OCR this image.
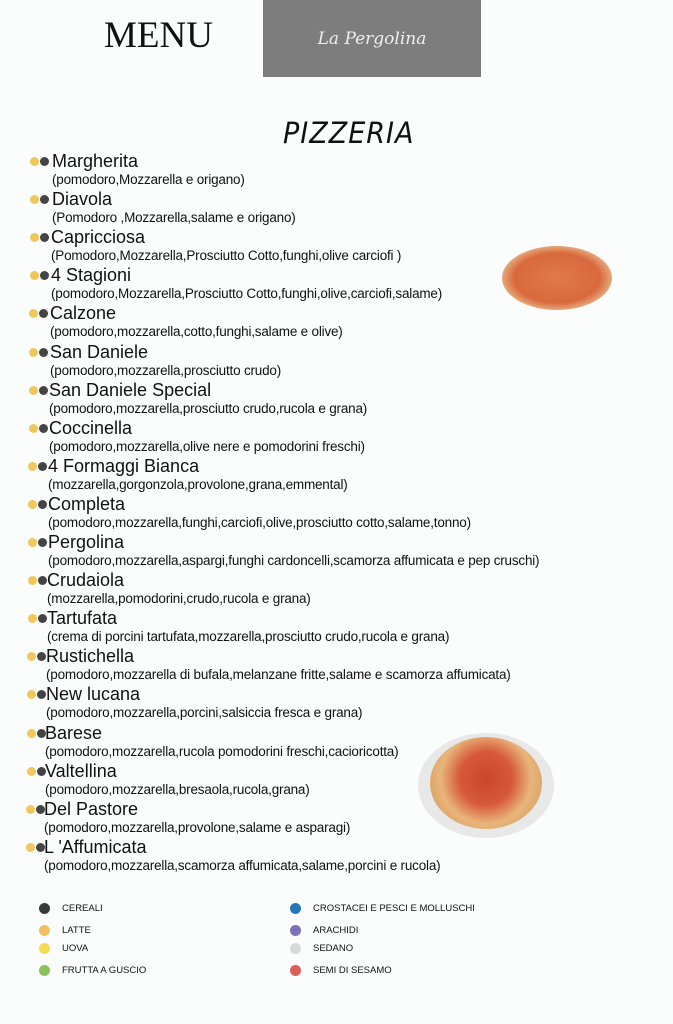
MENU	La Pergolina
PIZZERIA
Margherita
(pomodoro,Mozzarella e origano)
Diavola
(Pomodoro ,Mozzarella,salame e origano)
Capricciosa
(Pomodoro,Mozzarella,Prosciutto Cotto,funghi,olive carciofi )
4 Stagioni
(pomodoro,Mozzarella,Prosciutto Cotto,funghi,olive,carciofi,salame)
Calzone
(pomodoro,mozzarella,cotto,funghi,salame e olive)
San Daniele
(pomodoro,mozzarella,prosciutto crudo)
San Daniele Special
(pomodoro,mozzarella,prosciutto crudo,rucola e grana)
Coccinella
(pomodoro,mozzarella,olive nere e pomodorini freschi)
4 Formaggi Bianca
(mozzarella,gorgonzola,provolone,grana,emmental)
Completa
(pomodoro,mozzarella,funghi,carciofi,olive,prosciutto cotto,salame,tonno)
Pergolina
(pomodoro,mozzarella,aspargi,funghi cardoncelli,scamorza affumicata e pep cruschi)
Crudaiola
(mozzarella,pomodorini,crudo,rucola e grana)
Tartufata
(crema di porcini tartufata,mozzarella,prosciutto crudo,rucola e grana)
Rustichella
(pomodoro,mozzarella di bufala,melanzane fritte,salame e scamorza affumicata)
New lucana
(pomodoro,mozzarella,porcini,salsiccia fresca e grana)
Barese
(pomodoro,mozzarella,rucola pomodorini freschi,cacioricotta)
Valtellina
(pomodoro,mozzarella,bresaola,rucola,grana)
Del Pastore
(pomodoro,mozzarella,provolone,salame e asparagi)
L 'Affumicata
(pomodoro,mozzarella,scamorza affumicata,salame,porcini e rucola)
CEREALI
LATTE
UOVA
FRUTTA A GUSCIO
CROSTACEI E PESCI E MOLLUSCHI
ARACHIDI
SEDANO
SEMI DI SESAMO
